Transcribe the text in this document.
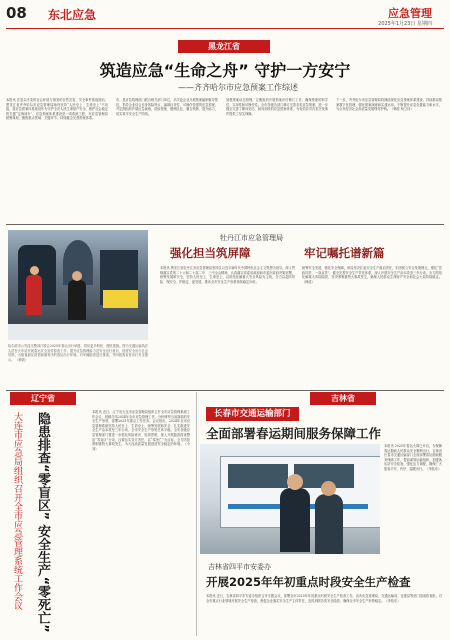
08 东北应急	应急管理
2025年1月23日 星期四
黑龙江省
筑造应急“生命之舟” 守护一方安宁
——齐齐哈尔市应急预案工作综述
本报讯 在复杂多变的社会环境与频发的自然灾害、安全事件挑战面前，黑龙江省齐齐哈尔市应急管理局始终坚持“人民至上、生命至上”不动摇，将应急预案体系建设作为守护全市人民生命财产安全、维护社会稳定的关键“定海神针”。应急预案体系建设是一项系统工程，市应急管理局统筹谋划，聚焦重点领域、关键环节，持续健全完善预案体系。
市、县应急管理部门联合相关部门单位，多次赴企业开展预案编制督导帮扶，指导企业结合自身风险特点，编制针对性、可操作性强的应急预案，并定期组织开展应急演练，检验预案、锻炼队伍、磨合机制、提升能力，切实筑牢安全生产防线。
加强预案动态管理，定期组织开展预案评估修订工作，确保预案的科学性、实用性和可操作性。全市各级各部门修订完善各类应急预案，进一步健全完善了横向到边、纵向到底的应急预案体系，为有效应对各类突发事件提供了坚实保障。
下一步，齐齐哈尔市应急管理局将继续深化应急预案体系建设，持续推动预案数字化管理，强化预案演练和实战运用，不断提升应急处置能力和水平，为全市经济社会高质量发展保驾护航。（韩波 杨立伟）
哈尔滨市公安局交警部门联合2025年春运出行举措，供应更多利民、便民措施。图为交通运输执法人员在火车站开展春运安全宣传检查工作，提升应急管理能力及安全出行意识，营造安全出行社会氛围，为旅客朋友营造和谐有序的春运出行环境。对车辆隐患进行排查，并向旅客宣传出行安全提示。 （韩波）
牡丹江市应急管理局
强化担当筑屏障	牢记嘱托谱新篇
本报讯 黑龙江省牡丹江市应急管理局坚持以习近平新时代中国特色社会主义思想为指导，深入贯彻落实党的二十大和二十届二中、三中全会精神，认真落实省委省政府和市委市政府决策部署，统筹发展和安全，坚持人民至上、生命至上，以防范化解重大安全风险为主线，全力以赴防风险、保安全、护稳定、促发展，推动全市安全生产形势持续稳定向好。
统筹安全发展，强化安全保障。该局坚决扛起安全生产政治责任，牢固树立安全发展理念，强化“党政同责、一岗双责”，健全完善安全生产责任体系，深入开展安全生产治本攻坚三年行动，全力防范化解重大风险隐患，坚决遏制重特大事故发生，确保人民群众生命财产安全和社会大局持续稳定。（韩波）
辽宁省
隐患排查“零盲区” 安全生产“零死亡”
大连市应急局组织召开全市应急管理系统工作会议	本报讯 近日，辽宁省大连市应急管理局组织召开全市应急管理系统工作会议，回顾总结2024年全市应急管理工作，分析研判当前面临的安全生产形势，部署2025年重点工作任务。会议指出，2024年全市应急管理系统坚持人民至上、生命至上，统筹发展和安全，扎实推进安全生产治本攻坚三年行动，全市安全生产形势总体平稳。全市各级应急管理部门要进一步强化风险意识、底线思维，深入开展隐患排查整治“零盲区”行动，压紧压实各方责任，以“零死亡”为目标，全力防范遏制重特大事故发生，为大连高质量发展创造安全稳定的环境。（小刘）
吉林省
长春市交通运输部门
全面部署春运期间服务保障工作
本报讯 2025年春运大幕已开启，为保障春运期间人民群众安全顺利出行，吉林省长春市交通运输部门全面部署春运期间服务保障工作，提前谋划运输组织，加强客运站安全检查，强化运力调配，确保广大旅客平安、有序、温暖出行。（李桂东）
吉林省四平市安委办
开展2025年年初重点时段安全生产检查
本报讯 近日，吉林省四平市安委办组织召开专题会议，部署全市2025年年初重点时段安全生产检查工作，由市应急管理局、交通运输局、住建局等部门组成检查组，对全市重点行业领域开展安全生产检查，督促企业落实安全生产主体责任，及时消除各类安全隐患，确保全市安全生产形势稳定。（李桂东）
